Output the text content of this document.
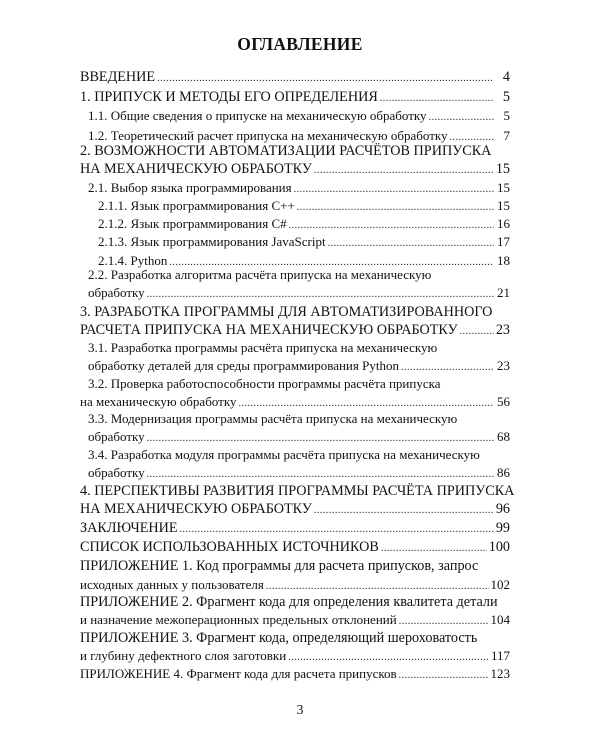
ОГЛАВЛЕНИЕ
ВВЕДЕНИЕ .....	4
1. ПРИПУСК И МЕТОДЫ ЕГО ОПРЕДЕЛЕНИЯ .....	5
1.1. Общие сведения о припуске на механическую обработку .....	5
1.2. Теоретический расчет припуска на механическую обработку .....	7
2. ВОЗМОЖНОСТИ АВТОМАТИЗАЦИИ РАСЧЁТОВ ПРИПУСКА
НА МЕХАНИЧЕСКУЮ ОБРАБОТКУ .....	15
2.1. Выбор языка программирования .....	15
2.1.1. Язык программирования C++ .....	15
2.1.2. Язык программирования C# .....	16
2.1.3. Язык программирования JavaScript .....	17
2.1.4. Python .....	18
2.2. Разработка алгоритма расчёта припуска на механическую
обработку .....	21
3. РАЗРАБОТКА ПРОГРАММЫ ДЛЯ АВТОМАТИЗИРОВАННОГО
РАСЧЕТА ПРИПУСКА НА МЕХАНИЧЕСКУЮ ОБРАБОТКУ .....	23
3.1. Разработка программы расчёта припуска на механическую
обработку деталей для среды программирования Python .....	23
3.2. Проверка работоспособности программы расчёта припуска
на механическую обработку .....	56
3.3. Модернизация программы расчёта припуска на механическую
обработку .....	68
3.4. Разработка модуля программы расчёта припуска на механическую
обработку .....	86
4. ПЕРСПЕКТИВЫ РАЗВИТИЯ ПРОГРАММЫ РАСЧЁТА ПРИПУСКА
НА МЕХАНИЧЕСКУЮ ОБРАБОТКУ .....	96
ЗАКЛЮЧЕНИЕ .....	99
СПИСОК ИСПОЛЬЗОВАННЫХ ИСТОЧНИКОВ .....	100
ПРИЛОЖЕНИЕ 1. Код программы для расчета припусков, запрос
исходных данных у пользователя .....	102
ПРИЛОЖЕНИЕ 2. Фрагмент кода для определения квалитета детали
и назначение межоперационных предельных отклонений .....	104
ПРИЛОЖЕНИЕ 3. Фрагмент кода, определяющий шероховатость
и глубину дефектного слоя заготовки .....	117
ПРИЛОЖЕНИЕ 4. Фрагмент кода для расчета припусков .....	123
3
